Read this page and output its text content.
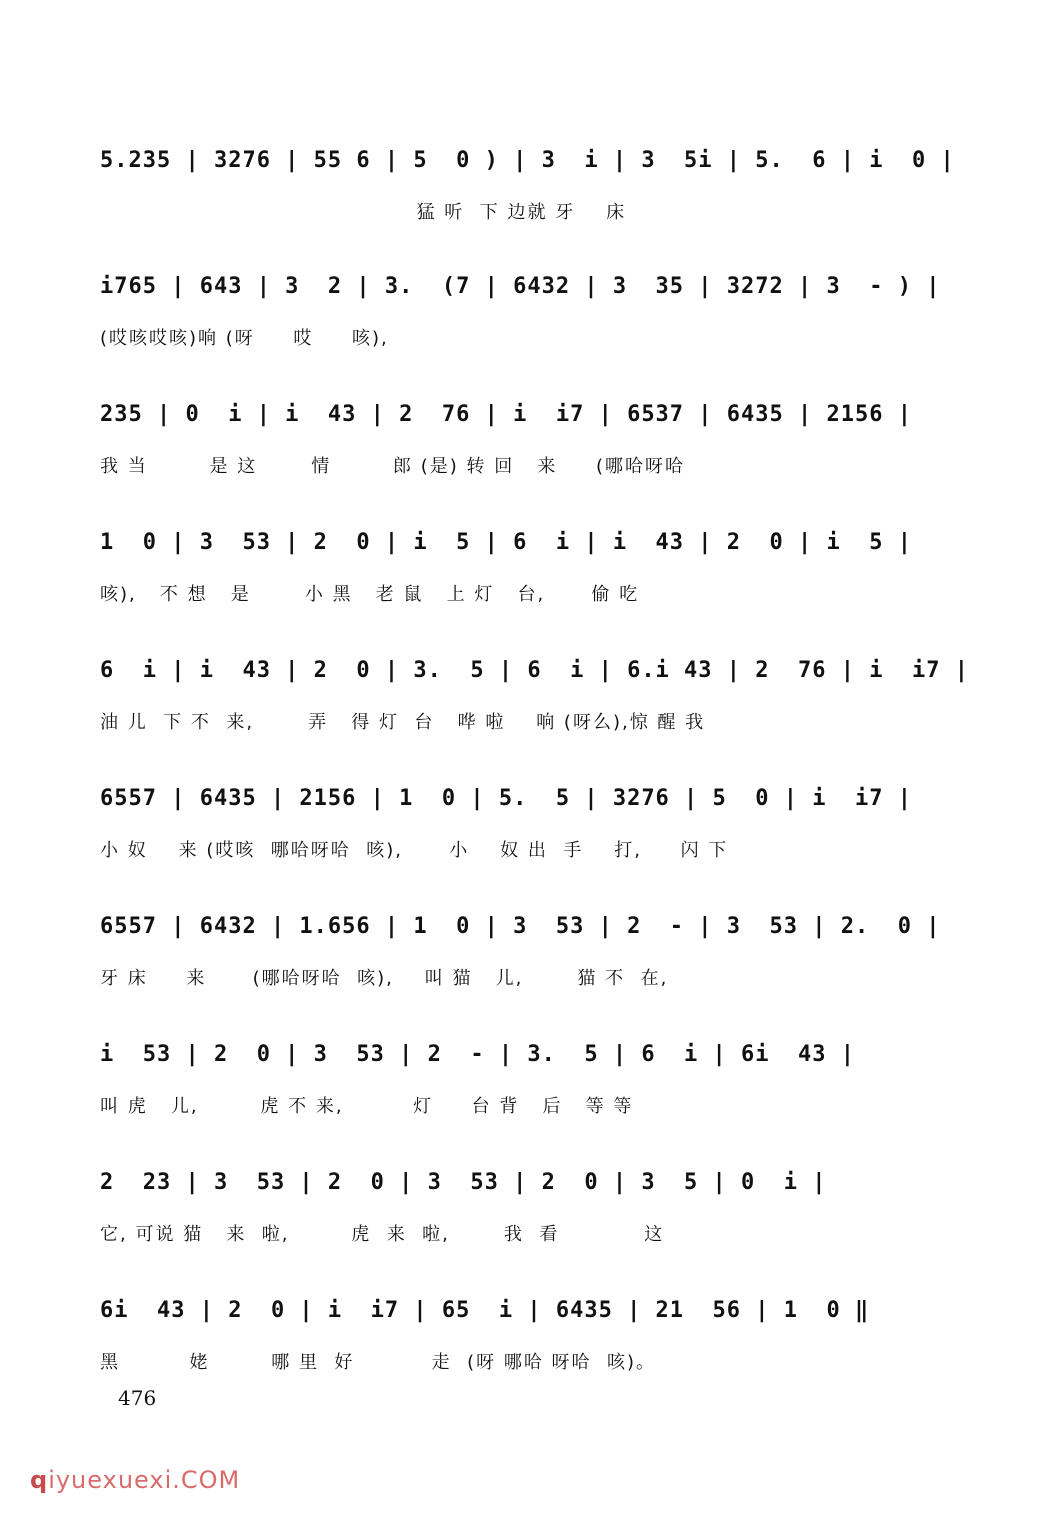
5.235 | 3276 | 55 6 | 5  0 ) | 3  i | 3  5i | 5.  6 | i  0 |
猛 听  下 边就 牙    床
i765 | 643 | 3  2 | 3.  (7 | 6432 | 3  35 | 3272 | 3  - ) |
(哎咳哎咳)响 (呀     哎     咳),
235 | 0  i | i  43 | 2  76 | i  i7 | 6537 | 6435 | 2156 |
我 当        是 这       情        郎 (是) 转 回   来     (哪哈呀哈
1  0 | 3  53 | 2  0 | i  5 | 6  i | i  43 | 2  0 | i  5 |
咳),   不 想   是       小 黑   老 鼠   上 灯   台,      偷 吃
6  i | i  43 | 2  0 | 3.  5 | 6  i | 6.i 43 | 2  76 | i  i7 |
油 儿  下 不  来,       弄   得 灯  台   哗 啦    响 (呀么),惊 醒 我
6557 | 6435 | 2156 | 1  0 | 5.  5 | 3276 | 5  0 | i  i7 |
小 奴    来 (哎咳  哪哈呀哈  咳),      小    奴 出  手    打,     闪 下
6557 | 6432 | 1.656 | 1  0 | 3  53 | 2  - | 3  53 | 2.  0 |
牙 床     来      (哪哈呀哈  咳),    叫 猫   儿,       猫 不  在,
i  53 | 2  0 | 3  53 | 2  - | 3.  5 | 6  i | 6i  43 |
叫 虎   儿,        虎 不 来,         灯     台 背   后   等 等
2  23 | 3  53 | 2  0 | 3  53 | 2  0 | 3  5 | 0  i |
它, 可说 猫   来  啦,        虎  来  啦,       我  看           这
6i  43 | 2  0 | i  i7 | 65  i | 6435 | 21  56 | 1  0 ‖
黑         姥        哪 里  好          走  (呀 哪哈 呀哈  咳)。
476
qiyuexuexi.COM
